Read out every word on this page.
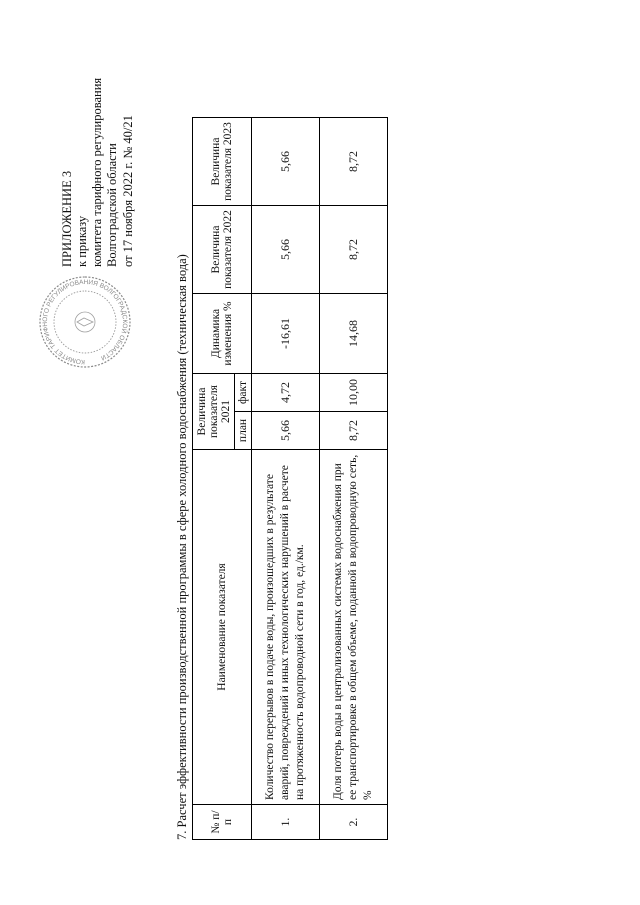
ПРИЛОЖЕНИЕ 3 к приказу комитета тарифного регулирования Волгоградской области от 17 ноября 2022 г. № 40/21
КОМИТЕТ ТАРИФНОГО РЕГУЛИРОВАНИЯ ВОЛГОГРАДСКОЙ ОБЛАСТИ	7. Расчет эффективности производственной программы в сфере холодного водоснабжения (техническая вода) № п/п	Наименование показателя	Величина показателя 2021		Динамика изменения %	Величина показателя 2022	Величина показателя 2023
		план	факт			
1.	Количество перерывов в подаче воды, произошедших в результате аварий, повреждений и иных технологических нарушений в расчете на протяженность водопроводной сети в год, ед./км.	5,66	4,72	-16,61	5,66	5,66
2.	Доля потерь воды в централизованных системах водоснабжения при ее транспортировке в общем объеме, поданной в водопроводную сеть, %	8,72	10,00	14,68	8,72	8,72
